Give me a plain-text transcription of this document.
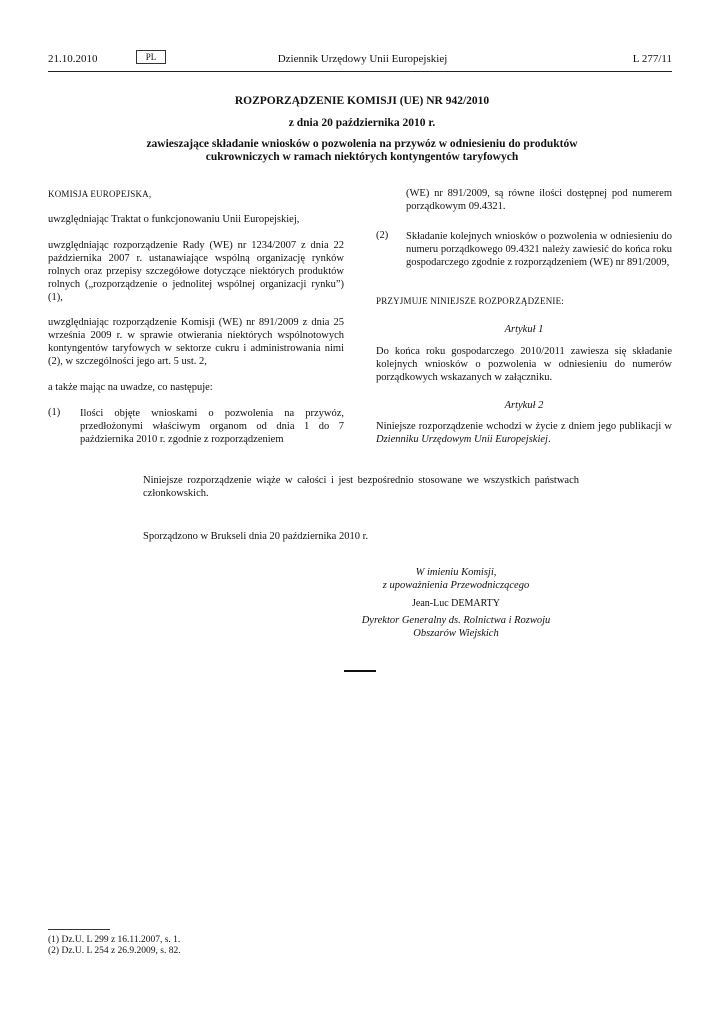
21.10.2010	PL	Dziennik Urzędowy Unii Europejskiej	L 277/11
ROZPORZĄDZENIE KOMISJI (UE) NR 942/2010
z dnia 20 października 2010 r.
zawieszające składanie wniosków o pozwolenia na przywóz w odniesieniu do produktów
cukrowniczych w ramach niektórych kontyngentów taryfowych
KOMISJA EUROPEJSKA,
uwzględniając Traktat o funkcjonowaniu Unii Europejskiej,
uwzględniając rozporządzenie Rady (WE) nr 1234/2007 z dnia 22 października 2007 r. ustanawiające wspólną organizację rynków rolnych oraz przepisy szczegółowe dotyczące niektórych produktów rolnych („rozporządzenie o jednolitej wspólnej organizacji rynku”) (1),
uwzględniając rozporządzenie Komisji (WE) nr 891/2009 z dnia 25 września 2009 r. w sprawie otwierania niektórych wspólnotowych kontyngentów taryfowych w sektorze cukru i administrowania nimi (2), w szczególności jego art. 5 ust. 2,
a także mając na uwadze, co następuje:
(1) Ilości objęte wnioskami o pozwolenia na przywóz, przedłożonymi właściwym organom od dnia 1 do 7 października 2010 r. zgodnie z rozporządzeniem
(WE) nr 891/2009, są równe ilości dostępnej pod numerem porządkowym 09.4321.
(2) Składanie kolejnych wniosków o pozwolenia w odniesieniu do numeru porządkowego 09.4321 należy zawiesić do końca roku gospodarczego zgodnie z rozporządzeniem (WE) nr 891/2009,
PRZYJMUJE NINIEJSZE ROZPORZĄDZENIE:
Artykuł 1
Do końca roku gospodarczego 2010/2011 zawiesza się składanie kolejnych wniosków o pozwolenia w odniesieniu do numerów porządkowych wskazanych w załączniku.
Artykuł 2
Niniejsze rozporządzenie wchodzi w życie z dniem jego publikacji w Dzienniku Urzędowym Unii Europejskiej.
Niniejsze rozporządzenie wiąże w całości i jest bezpośrednio stosowane we wszystkich państwach członkowskich.
Sporządzono w Brukseli dnia 20 października 2010 r.
W imieniu Komisji,
z upoważnienia Przewodniczącego
Jean-Luc DEMARTY
Dyrektor Generalny ds. Rolnictwa i Rozwoju
Obszarów Wiejskich
(1) Dz.U. L 299 z 16.11.2007, s. 1.
(2) Dz.U. L 254 z 26.9.2009, s. 82.
